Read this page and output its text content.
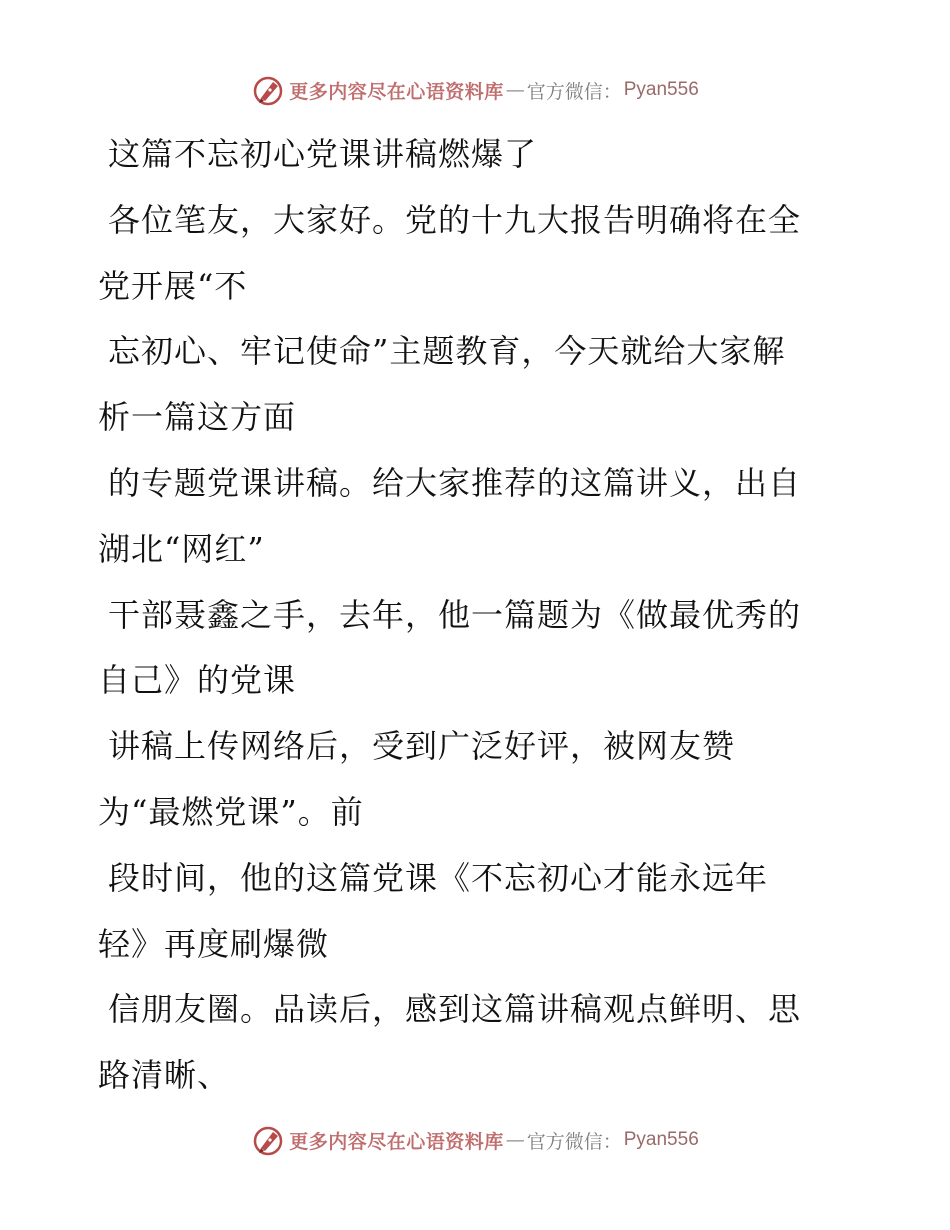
更多内容尽在心语资料库 — 官方微信： Pyan556
这篇不忘初心党课讲稿燃爆了
各位笔友，大家好。党的十九大报告明确将在全
党开展“不
忘初心、牢记使命”主题教育，今天就给大家解
析一篇这方面
的专题党课讲稿。给大家推荐的这篇讲义，出自
湖北“网红”
干部聂鑫之手，去年，他一篇题为《做最优秀的
自己》的党课
讲稿上传网络后，受到广泛好评，被网友赞
为“最燃党课”。前
段时间，他的这篇党课《不忘初心才能永远年
轻》再度刷爆微
信朋友圈。品读后，感到这篇讲稿观点鲜明、思
路清晰、
更多内容尽在心语资料库 — 官方微信： Pyan556
